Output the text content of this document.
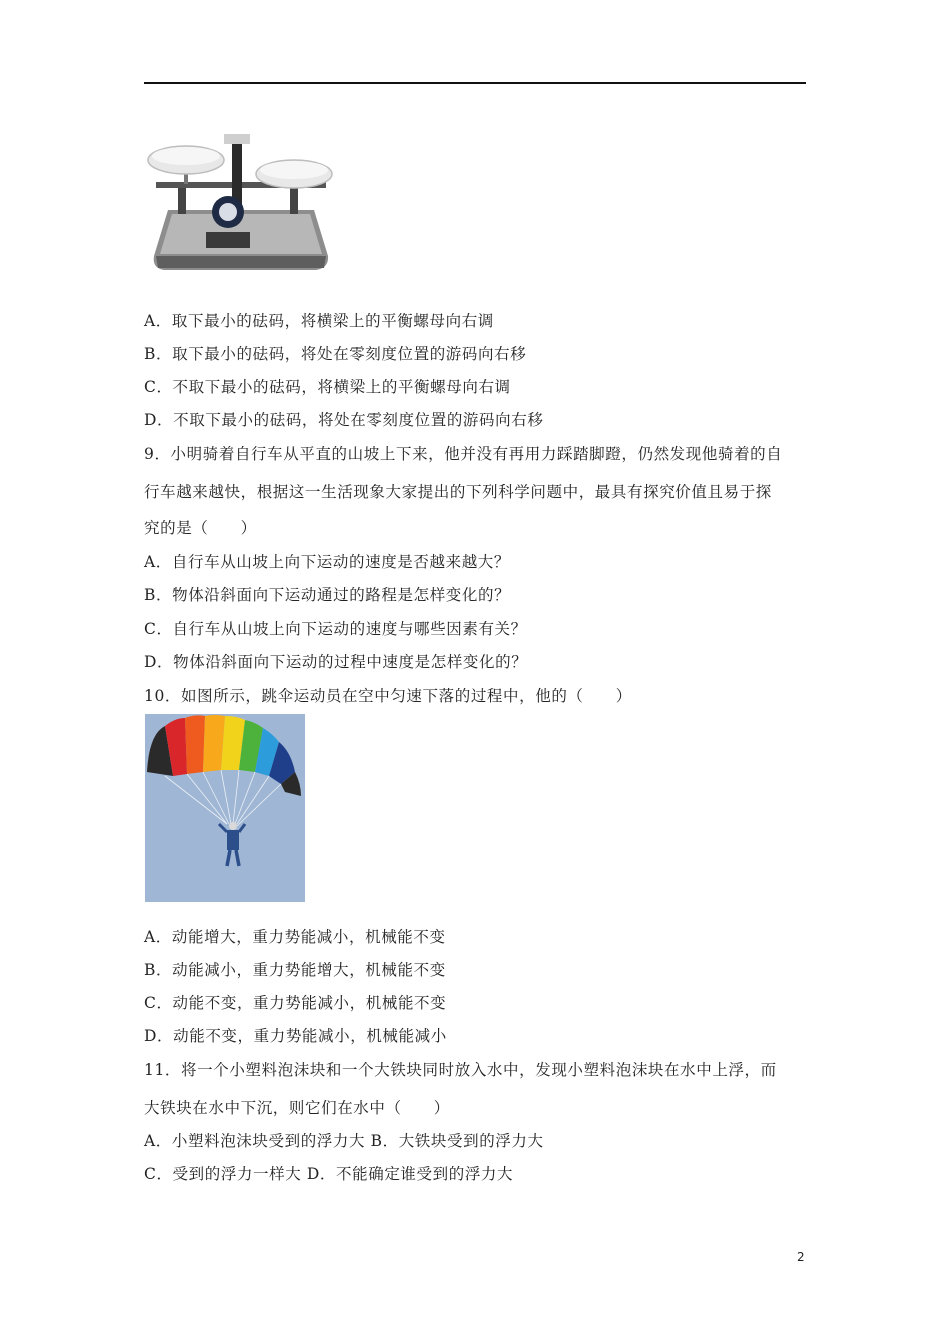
A．取下最小的砝码，将横梁上的平衡螺母向右调
B．取下最小的砝码，将处在零刻度位置的游码向右移
C．不取下最小的砝码，将横梁上的平衡螺母向右调
D．不取下最小的砝码，将处在零刻度位置的游码向右移
9．小明骑着自行车从平直的山坡上下来，他并没有再用力踩踏脚蹬，仍然发现他骑着的自
行车越来越快，根据这一生活现象大家提出的下列科学问题中，最具有探究价值且易于探
究的是（　　）
A．自行车从山坡上向下运动的速度是否越来越大？
B．物体沿斜面向下运动通过的路程是怎样变化的？
C．自行车从山坡上向下运动的速度与哪些因素有关？
D．物体沿斜面向下运动的过程中速度是怎样变化的？
10．如图所示，跳伞运动员在空中匀速下落的过程中，他的（　　）
A．动能增大，重力势能减小，机械能不变
B．动能减小，重力势能增大，机械能不变
C．动能不变，重力势能减小，机械能不变
D．动能不变，重力势能减小，机械能减小
11．将一个小塑料泡沫块和一个大铁块同时放入水中，发现小塑料泡沫块在水中上浮，而
大铁块在水中下沉，则它们在水中（　　）
A．小塑料泡沫块受到的浮力大 B．大铁块受到的浮力大
C．受到的浮力一样大 D．不能确定谁受到的浮力大
2
